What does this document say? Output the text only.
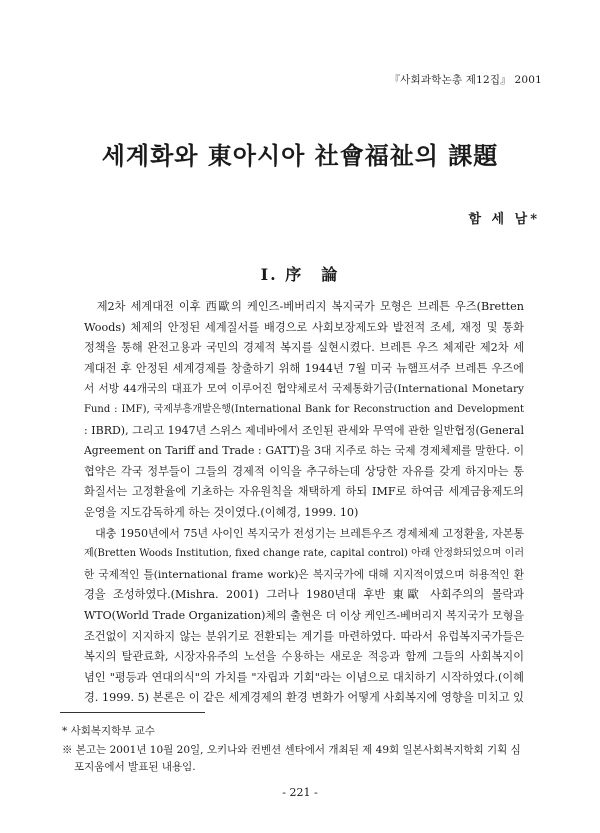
『사회과학논총 제12집』 2001
세계화와 東아시아 社會福祉의 課題
함 세 남*
Ⅰ. 序　論
　제2차 세계대전 이후 西歐의 케인즈-베버리지 복지국가 모형은 브레튼 우즈(Bretten
Woods) 체제의 안정된 세계질서를 배경으로 사회보장제도와 발전적 조세, 재정 및 통화
정책을 통해 완전고용과 국민의 경제적 복지를 실현시켰다. 브레튼 우즈 체제란 제2차 세
계대전 후 안정된 세계경제를 창출하기 위해 1944년 7월 미국 뉴햄프셔주 브레튼 우즈에
서 서방 44개국의 대표가 모여 이루어진 협약체로서 국제통화기금(International Monetary
Fund : IMF), 국제부흥개발은행(International Bank for Reconstruction and Development
: IBRD), 그리고 1947년 스위스 제네바에서 조인된 관세와 무역에 관한 일반협정(General
Agreement on Tariff and Trade : GATT)을 3대 지주로 하는 국제 경제체제를 말한다. 이
협약은 각국 정부들이 그들의 경제적 이익을 추구하는데 상당한 자유를 갖게 하지마는 통
화질서는 고정환율에 기초하는 자유원칙을 채택하게 하되 IMF로 하여금 세계금융제도의
운영을 지도감독하게 하는 것이였다.(이혜경, 1999. 10)
　대충 1950년에서 75년 사이인 복지국가 전성기는 브레튼우즈 경제체제 고정환율, 자본통
제(Bretten Woods Institution, fixed change rate, capital control) 아래 안정화되었으며 이러
한 국제적인 틀(international frame work)은 복지국가에 대해 지지적이였으며 허용적인 환
경을 조성하였다.(Mishra. 2001) 그러나 1980년대 후반 東歐 사회주의의 몰락과
WTO(World Trade Organization)체의 출현은 더 이상 케인즈-베버리지 복지국가 모형을
조건없이 지지하지 않는 분위기로 전환되는 계기를 마련하였다. 따라서 유럽복지국가들은
복지의 탈관료화, 시장자유주의 노선을 수용하는 새로운 적응과 함께 그들의 사회복지이
념인 "평등과 연대의식"의 가치를 "자립과 기회"라는 이념으로 대치하기 시작하였다.(이혜
경. 1999. 5) 본론은 이 같은 세계경제의 환경 변화가 어떻게 사회복지에 영향을 미치고 있
* 사회복지학부 교수
※ 본고는 2001년 10월 20일, 오키나와 컨벤션 센타에서 개최된 제 49회 일본사회복지학회 기획 심
포지움에서 발표된 내용임.
- 221 -
